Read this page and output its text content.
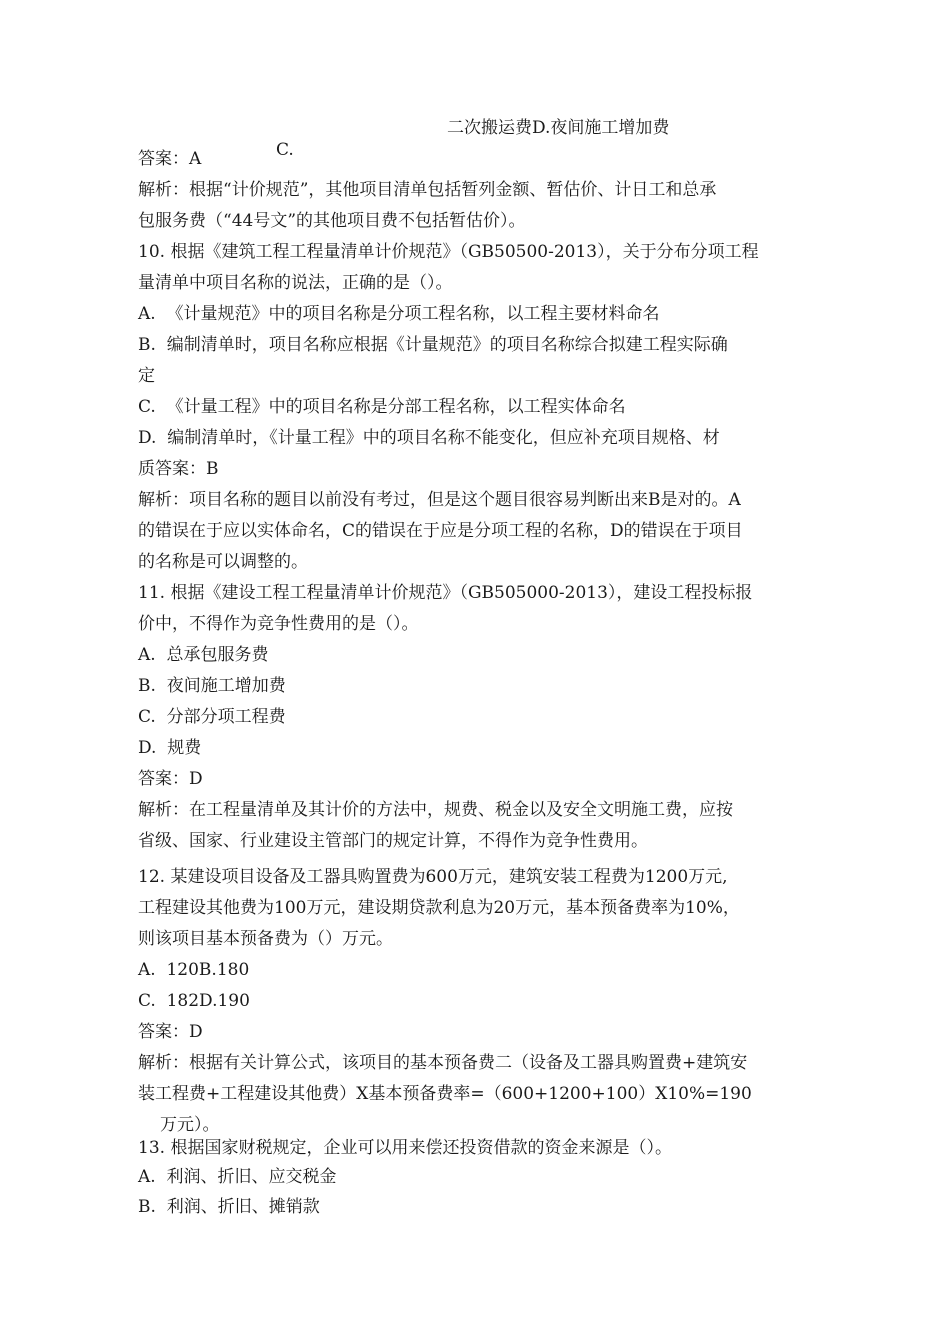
C.

二次搬运费D.夜间施工增加费
答案：A
解析：根据“计价规范”，其他项目清单包括暂列金额、暂估价、计日工和总承
包服务费（“44号文”的其他项目费不包括暂估价）。
10. 根据《建筑工程工程量清单计价规范》（GB50500-2013），关于分布分项工程
量清单中项目名称的说法，正确的是（）。
A.  《计量规范》中的项目名称是分项工程名称，以工程主要材料命名
B.  编制清单时，项目名称应根据《计量规范》的项目名称综合拟建工程实际确
定
C.  《计量工程》中的项目名称是分部工程名称，以工程实体命名
D.  编制清单时，《计量工程》中的项目名称不能变化，但应补充项目规格、材
质答案：B
解析：项目名称的题目以前没有考过，但是这个题目很容易判断出来B是对的。A
的错误在于应以实体命名，C的错误在于应是分项工程的名称，D的错误在于项目
的名称是可以调整的。
11. 根据《建设工程工程量清单计价规范》（GB505000-2013），建设工程投标报
价中，不得作为竞争性费用的是（）。
A.  总承包服务费
B.  夜间施工增加费
C.  分部分项工程费
D.  规费
答案：D
解析：在工程量清单及其计价的方法中，规费、税金以及安全文明施工费，应按
省级、国家、行业建设主管部门的规定计算，不得作为竞争性费用。
12. 某建设项目设备及工器具购置费为600万元，建筑安装工程费为1200万元,
工程建设其他费为100万元，建设期贷款利息为20万元，基本预备费率为10%，
则该项目基本预备费为（）万元。
A.  120B.180
C.  182D.190
答案：D
解析：根据有关计算公式，该项目的基本预备费二（设备及工器具购置费+建筑安
装工程费+工程建设其他费）X基本预备费率=（600+1200+100）X10%=190
万元）。
13. 根据国家财税规定，企业可以用来偿还投资借款的资金来源是（）。
A.  利润、折旧、应交税金
B.  利润、折旧、摊销款
